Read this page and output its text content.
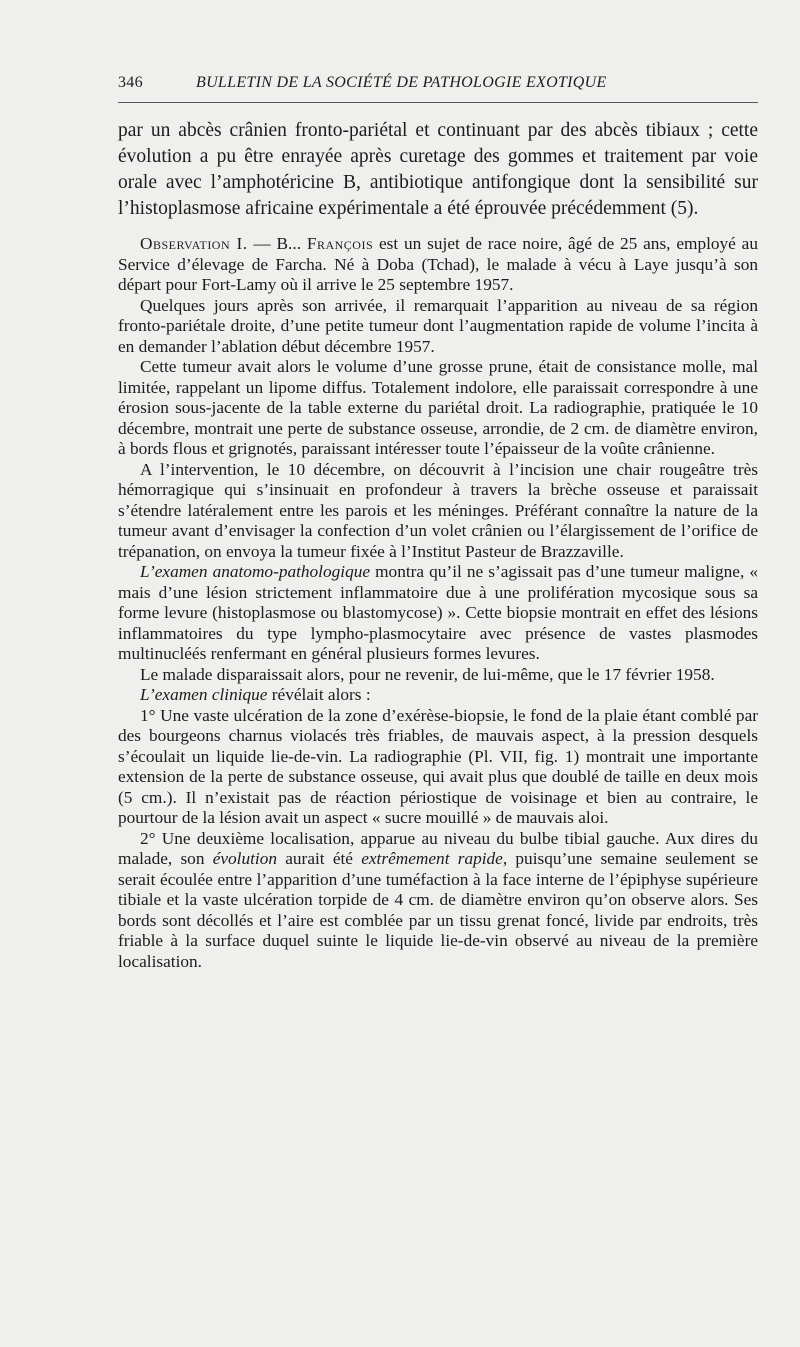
346	BULLETIN DE LA SOCIÉTÉ DE PATHOLOGIE EXOTIQUE

par un abcès crânien fronto-pariétal et continuant par des abcès tibiaux ; cette évolution a pu être enrayée après curetage des gommes et traitement par voie orale avec l’amphotéricine B, antibiotique antifongique dont la sensibilité sur l’histoplasmose africaine expérimentale a été éprouvée précédemment (5).

Observation I. — B... François est un sujet de race noire, âgé de 25 ans, employé au Service d’élevage de Farcha. Né à Doba (Tchad), le malade à vécu à Laye jusqu’à son départ pour Fort-Lamy où il arrive le 25 septembre 1957.

Quelques jours après son arrivée, il remarquait l’apparition au niveau de sa région fronto-pariétale droite, d’une petite tumeur dont l’augmentation rapide de volume l’incita à en demander l’ablation début décembre 1957.

Cette tumeur avait alors le volume d’une grosse prune, était de consistance molle, mal limitée, rappelant un lipome diffus. Totalement indolore, elle paraissait correspondre à une érosion sous-jacente de la table externe du pariétal droit. La radiographie, pratiquée le 10 décembre, montrait une perte de substance osseuse, arrondie, de 2 cm. de diamètre environ, à bords flous et grignotés, paraissant intéresser toute l’épaisseur de la voûte crânienne.

A l’intervention, le 10 décembre, on découvrit à l’incision une chair rougeâtre très hémorragique qui s’insinuait en profondeur à travers la brèche osseuse et paraissait s’étendre latéralement entre les parois et les méninges. Préférant connaître la nature de la tumeur avant d’envisager la confection d’un volet crânien ou l’élargissement de l’orifice de trépanation, on envoya la tumeur fixée à l’Institut Pasteur de Brazzaville.

L’examen anatomo-pathologique montra qu’il ne s’agissait pas d’une tumeur maligne, « mais d’une lésion strictement inflammatoire due à une prolifération mycosique sous sa forme levure (histoplasmose ou blastomycose) ». Cette biopsie montrait en effet des lésions inflammatoires du type lympho-plasmocytaire avec présence de vastes plasmodes multinucléés renfermant en général plusieurs formes levures.

Le malade disparaissait alors, pour ne revenir, de lui-même, que le 17 février 1958.

L’examen clinique révélait alors :

1° Une vaste ulcération de la zone d’exérèse-biopsie, le fond de la plaie étant comblé par des bourgeons charnus violacés très friables, de mauvais aspect, à la pression desquels s’écoulait un liquide lie-de-vin. La radiographie (Pl. VII, fig. 1) montrait une importante extension de la perte de substance osseuse, qui avait plus que doublé de taille en deux mois (5 cm.). Il n’existait pas de réaction périostique de voisinage et bien au contraire, le pourtour de la lésion avait un aspect « sucre mouillé » de mauvais aloi.

2° Une deuxième localisation, apparue au niveau du bulbe tibial gauche. Aux dires du malade, son évolution aurait été extrêmement rapide, puisqu’une semaine seulement se serait écoulée entre l’apparition d’une tuméfaction à la face interne de l’épiphyse supérieure tibiale et la vaste ulcération torpide de 4 cm. de diamètre environ qu’on observe alors. Ses bords sont décollés et l’aire est comblée par un tissu grenat foncé, livide par endroits, très friable à la surface duquel suinte le liquide lie-de-vin observé au niveau de la première localisation.
